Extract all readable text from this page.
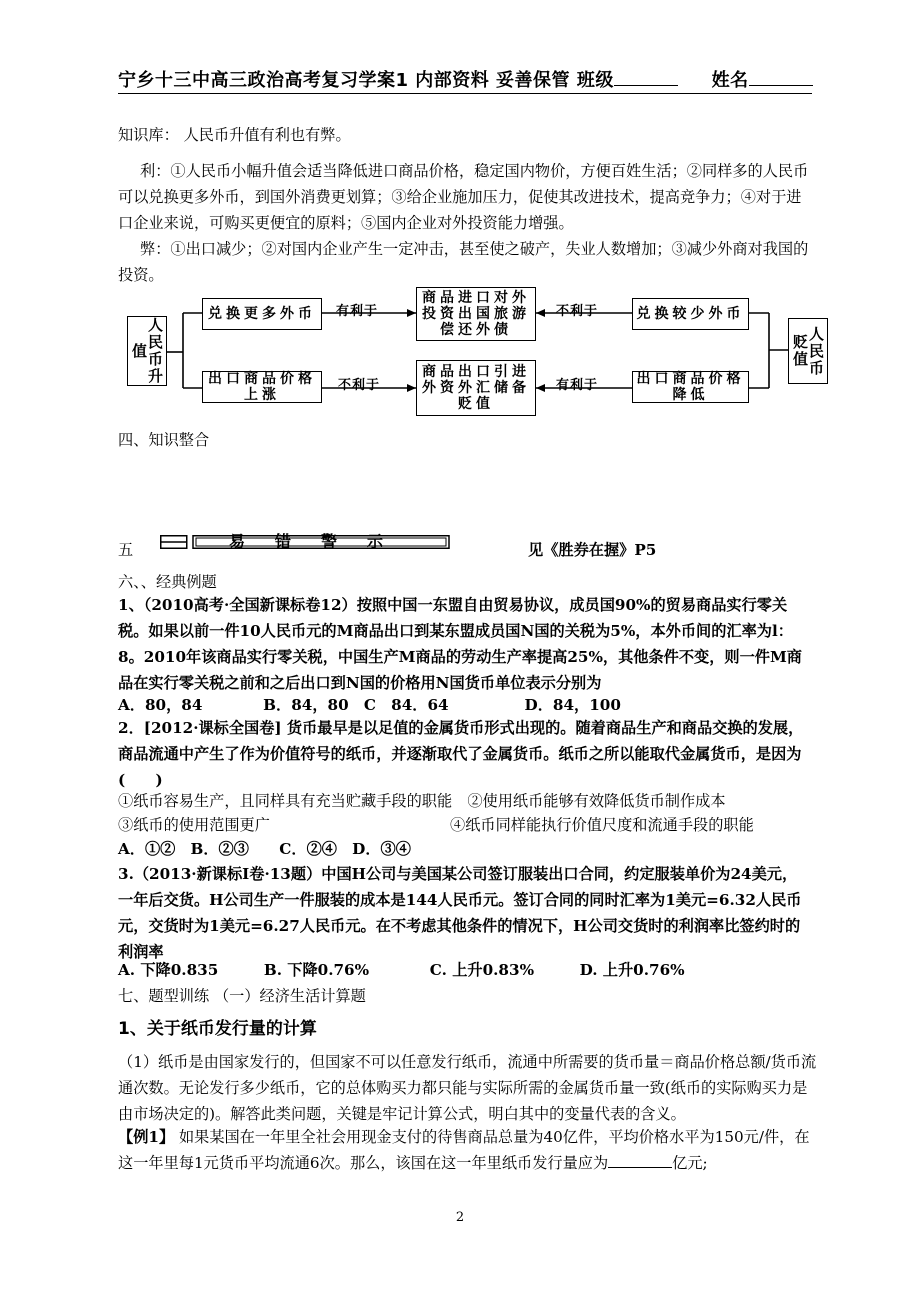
宁乡十三中高三政治高考复习学案1 内部资料 妥善保管 班级	姓名
知识库： 人民币升值有利也有弊。
利：①人民币小幅升值会适当降低进口商品价格，稳定国内物价，方便百姓生活；②同样多的人民币可以兑换更多外币，到国外消费更划算；③给企业施加压力，促使其改进技术，提高竞争力；④对于进口企业来说，可购买更便宜的原料；⑤国内企业对外投资能力增强。
弊：①出口减少；②对国内企业产生一定冲击，甚至使之破产，失业人数增加；③减少外商对我国的投资。
人民币升值
兑换更多外币
出口商品价格上涨
商品进口对外投资出国旅游偿还外债
商品出口引进外资外汇储备贬值
兑换较少外币
出口商品价格降低
人民币贬值
有利于
不利于
不利于
有利于
四、知识整合
五	易错警示	见《胜券在握》P5
六、、经典例题
1、（2010高考·全国新课标卷12）按照中国一东盟自由贸易协议，成员国90%的贸易商品实行零关税。如果以前一件10人民币元的M商品出口到某东盟成员国N国的关税为5%，本外币间的汇率为l：8。2010年该商品实行零关税，中国生产M商品的劳动生产率提高25%，其他条件不变，则一件M商品在实行零关税之前和之后出口到N国的价格用N国货币单位表示分别为
A．80，84　　　　B．84，80　C　84．64　　　　　D．84，100
2．[2012·课标全国卷] 货币最早是以足值的金属货币形式出现的。随着商品生产和商品交换的发展，商品流通中产生了作为价值符号的纸币，并逐渐取代了金属货币。纸币之所以能取代金属货币，是因为(　　)
①纸币容易生产，且同样具有充当贮藏手段的职能　②使用纸币能够有效降低货币制作成本
③纸币的使用范围更广	④纸币同样能执行价值尺度和流通手段的职能
A．①②　B．②③　　C．②④　D．③④
3.（2013·新课标Ⅰ卷·13题）中国H公司与美国某公司签订服装出口合同，约定服装单价为24美元，一年后交货。H公司生产一件服装的成本是144人民币元。签订合同的同时汇率为1美元=6.32人民币元，交货时为1美元=6.27人民币元。在不考虑其他条件的情况下，H公司交货时的利润率比签约时的利润率
A. 下降0.835　　　B. 下降0.76%　　　　C. 上升0.83%　　　D. 上升0.76%
七、题型训练 （一）经济生活计算题
1、关于纸币发行量的计算
（1）纸币是由国家发行的，但国家不可以任意发行纸币，流通中所需要的货币量＝商品价格总额/货币流通次数。无论发行多少纸币，它的总体购买力都只能与实际所需的金属货币量一致(纸币的实际购买力是由市场决定的)。解答此类问题，关键是牢记计算公式，明白其中的变量代表的含义。
【例1】 如果某国在一年里全社会用现金支付的待售商品总量为40亿件，平均价格水平为150元/件，在这一年里每1元货币平均流通6次。那么，该国在这一年里纸币发行量应为	亿元;
2
